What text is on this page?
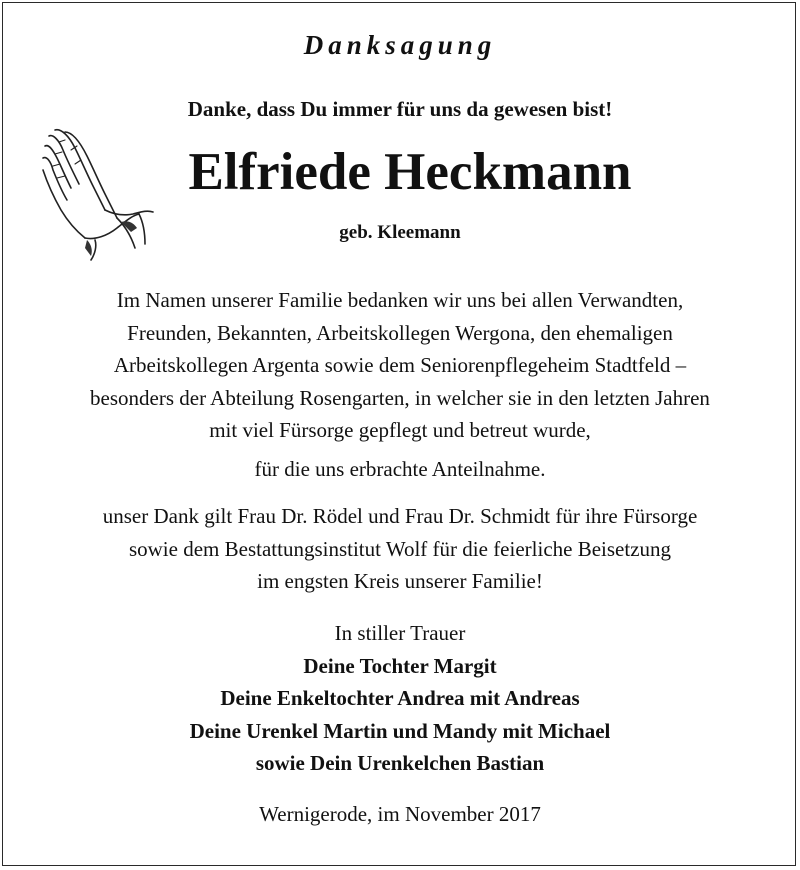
Danksagung
Danke, dass Du immer für uns da gewesen bist!
Elfriede Heckmann
geb. Kleemann
Im Namen unserer Familie bedanken wir uns bei allen Verwandten,
Freunden, Bekannten, Arbeitskollegen Wergona, den ehemaligen
Arbeitskollegen Argenta sowie dem Seniorenpflegeheim Stadtfeld –
besonders der Abteilung Rosengarten, in welcher sie in den letzten Jahren
mit viel Fürsorge gepflegt und betreut wurde,
für die uns erbrachte Anteilnahme.
unser Dank gilt Frau Dr. Rödel und Frau Dr. Schmidt für ihre Fürsorge
sowie dem Bestattungsinstitut Wolf für die feierliche Beisetzung
im engsten Kreis unserer Familie!
In stiller Trauer
Deine Tochter Margit
Deine Enkeltochter Andrea mit Andreas
Deine Urenkel Martin und Mandy mit Michael
sowie Dein Urenkelchen Bastian
Wernigerode, im November 2017
